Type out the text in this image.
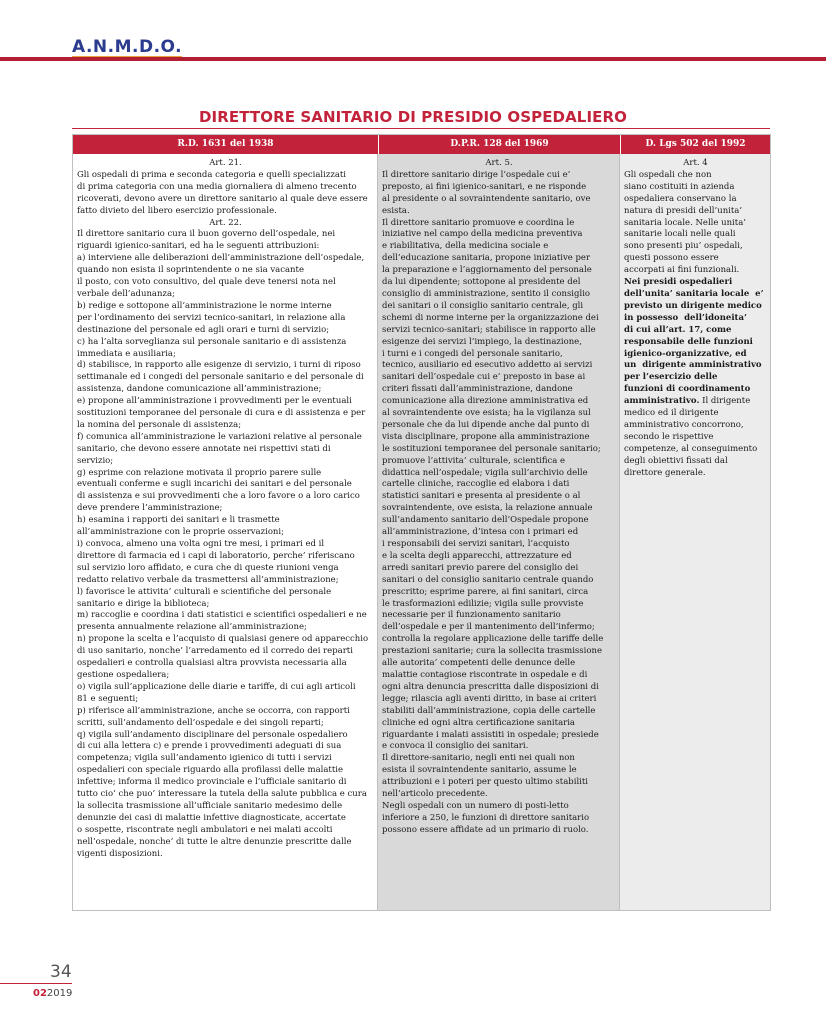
A.N.M.D.O.
DIRETTORE SANITARIO DI PRESIDIO OSPEDALIERO
R.D. 1631 del 1938	D.P.R. 128 del 1969	D. Lgs 502 del 1992
Art. 21.
Gli ospedali di prima e seconda categoria e quelli specializzati
di prima categoria con una media giornaliera di almeno trecento
ricoverati, devono avere un direttore sanitario al quale deve essere
fatto divieto del libero esercizio professionale.
Art. 22.
Il direttore sanitario cura il buon governo dell’ospedale, nei
riguardi igienico-sanitari, ed ha le seguenti attribuzioni:
a) interviene alle deliberazioni dell’amministrazione dell’ospedale,
quando non esista il soprintendente o ne sia vacante
il posto, con voto consultivo, del quale deve tenersi nota nel
verbale dell’adunanza;
b) redige e sottopone all’amministrazione le norme interne
per l’ordinamento dei servizi tecnico-sanitari, in relazione alla
destinazione del personale ed agli orari e turni di servizio;
c) ha l’alta sorveglianza sul personale sanitario e di assistenza
immediata e ausiliaria;
d) stabilisce, in rapporto alle esigenze di servizio, i turni di riposo
settimanale ed i congedi del personale sanitario e del personale di
assistenza, dandone comunicazione all’amministrazione;
e) propone all’amministrazione i provvedimenti per le eventuali
sostituzioni temporanee del personale di cura e di assistenza e per
la nomina del personale di assistenza;
f) comunica all’amministrazione le variazioni relative al personale
sanitario, che devono essere annotate nei rispettivi stati di
servizio;
g) esprime con relazione motivata il proprio parere sulle
eventuali conferme e sugli incarichi dei sanitari e del personale
di assistenza e sui provvedimenti che a loro favore o a loro carico
deve prendere l’amministrazione;
h) esamina i rapporti dei sanitari e li trasmette
all’amministrazione con le proprie osservazioni;
i) convoca, almeno una volta ogni tre mesi, i primari ed il
direttore di farmacia ed i capi di laboratorio, perche’ riferiscano
sul servizio loro affidato, e cura che di queste riunioni venga
redatto relativo verbale da trasmettersi all’amministrazione;
l) favorisce le attivita’ culturali e scientifiche del personale
sanitario e dirige la biblioteca;
m) raccoglie e coordina i dati statistici e scientifici ospedalieri e ne
presenta annualmente relazione all’amministrazione;
n) propone la scelta e l’acquisto di qualsiasi genere od apparecchio
di uso sanitario, nonche’ l’arredamento ed il corredo dei reparti
ospedalieri e controlla qualsiasi altra provvista necessaria alla
gestione ospedaliera;
o) vigila sull’applicazione delle diarie e tariffe, di cui agli articoli
81 e seguenti;
p) riferisce all’amministrazione, anche se occorra, con rapporti
scritti, sull’andamento dell’ospedale e dei singoli reparti;
q) vigila sull’andamento disciplinare del personale ospedaliero
di cui alla lettera c) e prende i provvedimenti adeguati di sua
competenza; vigila sull’andamento igienico di tutti i servizi
ospedalieri con speciale riguardo alla profilassi delle malattie
infettive; informa il medico provinciale e l’ufficiale sanitario di
tutto cio’ che puo’ interessare la tutela della salute pubblica e cura
la sollecita trasmissione all’ufficiale sanitario medesimo delle
denunzie dei casi di malattie infettive diagnosticate, accertate
o sospette, riscontrate negli ambulatori e nei malati accolti
nell’ospedale, nonche’ di tutte le altre denunzie prescritte dalle
vigenti disposizioni.
Art. 5.
Il direttore sanitario dirige l’ospedale cui e’
preposto, ai fini igienico-sanitari, e ne risponde
al presidente o al sovraintendente sanitario, ove
esista.
Il direttore sanitario promuove e coordina le
iniziative nel campo della medicina preventiva
e riabilitativa, della medicina sociale e
dell’educazione sanitaria, propone iniziative per
la preparazione e l’aggiornamento del personale
da lui dipendente; sottopone al presidente del
consiglio di amministrazione, sentito il consiglio
dei sanitari o il consiglio sanitario centrale, gli
schemi di norme interne per la organizzazione dei
servizi tecnico-sanitari; stabilisce in rapporto alle
esigenze dei servizi l’impiego, la destinazione,
i turni e i congedi del personale sanitario,
tecnico, ausiliario ed esecutivo addetto ai servizi
sanitari dell’ospedale cui e’ preposto in base ai
criteri fissati dall’amministrazione, dandone
comunicazione alla direzione amministrativa ed
al sovraintendente ove esista; ha la vigilanza sul
personale che da lui dipende anche dal punto di
vista disciplinare, propone alla amministrazione
le sostituzioni temporanee del personale sanitario;
promuove l’attivita’ culturale, scientifica e
didattica nell’ospedale; vigila sull’archivio delle
cartelle cliniche, raccoglie ed elabora i dati
statistici sanitari e presenta al presidente o al
sovraintendente, ove esista, la relazione annuale
sull’andamento sanitario dell’Ospedale propone
all’amministrazione, d’intesa con i primari ed
i responsabili dei servizi sanitari, l’acquisto
e la scelta degli apparecchi, attrezzature ed
arredi sanitari previo parere del consiglio dei
sanitari o del consiglio sanitario centrale quando
prescritto; esprime parere, ai fini sanitari, circa
le trasformazioni edilizie; vigila sulle provviste
necessarie per il funzionamento sanitario
dell’ospedale e per il mantenimento dell’infermo;
controlla la regolare applicazione delle tariffe delle
prestazioni sanitarie; cura la sollecita trasmissione
alle autorita’ competenti delle denunce delle
malattie contagiose riscontrate in ospedale e di
ogni altra denuncia prescritta dalle disposizioni di
legge; rilascia agli aventi diritto, in base ai criteri
stabiliti dall’amministrazione, copia delle cartelle
cliniche ed ogni altra certificazione sanitaria
riguardante i malati assistiti in ospedale; presiede
e convoca il consiglio dei sanitari.
Il direttore-sanitario, negli enti nei quali non
esista il sovraintendente sanitario, assume le
attribuzioni e i poteri per questo ultimo stabiliti
nell’articolo precedente.
Negli ospedali con un numero di posti-letto
inferiore a 250, le funzioni di direttore sanitario
possono essere affidate ad un primario di ruolo.
Art. 4
Gli ospedali che non
siano costituiti in azienda
ospedaliera conservano la
natura di presidi dell’unita’
sanitaria locale. Nelle unita’
sanitarie locali nelle quali
sono presenti piu’ ospedali,
questi possono essere
accorpati ai fini funzionali.
Nei presidi ospedalieri
dell’unita’ sanitaria locale  e’
previsto un dirigente medico
in possesso  dell’idoneita’
di cui all’art. 17, come
responsabile delle funzioni
igienico-organizzative, ed
un  dirigente amministrativo
per l’esercizio delle
funzioni di coordinamento
amministrativo. Il dirigente
medico ed il dirigente
amministrativo concorrono,
secondo le rispettive
competenze, al conseguimento
degli obiettivi fissati dal
direttore generale.
34
022019
